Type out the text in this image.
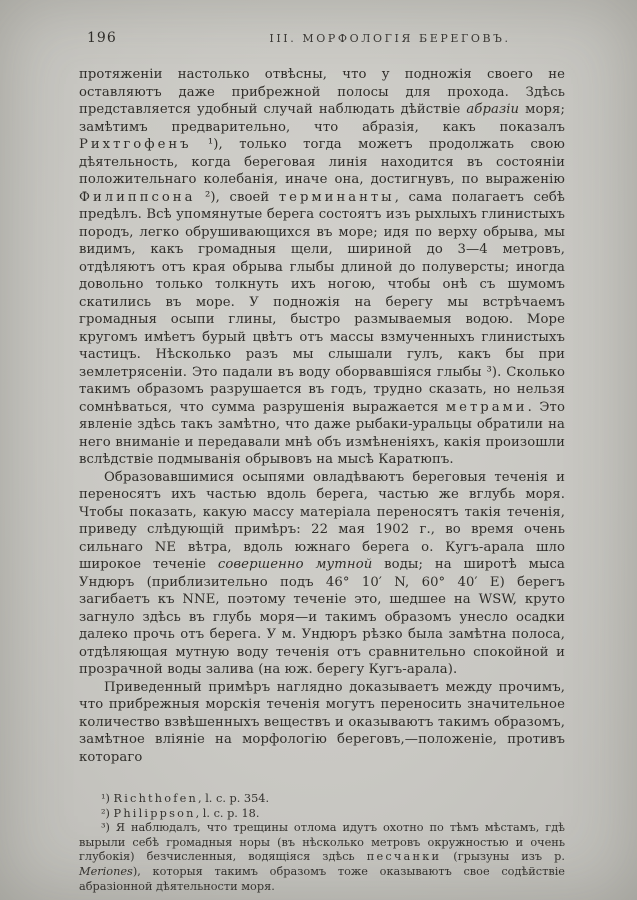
196	III. МОРФОЛОГІЯ БЕРЕГОВЪ.

протяженіи настолько отвѣсны, что у подножія своего не оставляютъ даже прибрежной полосы для прохода. Здѣсь представляется удобный случай наблюдать дѣйствіе абразіи моря; замѣтимъ предварительно, что абразія, какъ показалъ Рихтгофенъ ¹), только тогда можетъ продолжать свою дѣятельность, когда береговая линія находится въ состояніи положительнаго колебанія, иначе она, достигнувъ, по выраженію Филиппсона ²), своей терминанты, сама полагаетъ себѣ предѣлъ. Всѣ упомянутые берега состоятъ изъ рыхлыхъ глинистыхъ породъ, легко обрушивающихся въ море; идя по верху обрыва, мы видимъ, какъ громадныя щели, шириной до 3—4 метровъ, отдѣляютъ отъ края обрыва глыбы длиной до полуверсты; иногда довольно только толкнуть ихъ ногою, чтобы онѣ съ шумомъ скатились въ море. У подножія на берегу мы встрѣчаемъ громадныя осыпи глины, быстро размываемыя водою. Море кругомъ имѣетъ бурый цвѣтъ отъ массы взмученныхъ глинистыхъ частицъ. Нѣсколько разъ мы слышали гулъ, какъ бы при землетрясеніи. Это падали въ воду оборвавшіяся глыбы ³). Сколько такимъ образомъ разрушается въ годъ, трудно сказать, но нельзя сомнѣваться, что сумма разрушенія выражается метрами. Это явленіе здѣсь такъ замѣтно, что даже рыбаки-уральцы обратили на него вниманіе и передавали мнѣ объ измѣненіяхъ, какія произошли вслѣдствіе подмыванія обрывовъ на мысѣ Каратюпъ.

Образовавшимися осыпями овладѣваютъ береговыя теченія и переносятъ ихъ частью вдоль берега, частью же вглубь моря. Чтобы показать, какую массу матеріала переносятъ такія теченія, приведу слѣдующій примѣръ: 22 мая 1902 г., во время очень сильнаго NE вѣтра, вдоль южнаго берега о. Кугъ-арала шло широкое теченіе совершенно мутной воды; на широтѣ мыса Ундюръ (приблизительно подъ 46° 10′ N, 60° 40′ E) берегъ загибаетъ къ NNE, поэтому теченіе это, шедшее на WSW, круто загнуло здѣсь въ глубь моря—и такимъ образомъ унесло осадки далеко прочь отъ берега. У м. Ундюръ рѣзко была замѣтна полоса, отдѣляющая мутную воду теченія отъ сравнительно спокойной и прозрачной воды залива (на юж. берегу Кугъ-арала).

Приведенный примѣръ наглядно доказываетъ между прочимъ, что прибрежныя морскія теченія могутъ переносить значительное количество взвѣшенныхъ веществъ и оказываютъ такимъ образомъ, замѣтное вліяніе на морфологію береговъ,—положеніе, противъ котораго

¹) Richthofen, l. c. p. 354.

²) Philippson, l. c. p. 18.

³) Я наблюдалъ, что трещины отлома идутъ охотно по тѣмъ мѣстамъ, гдѣ вырыли себѣ громадныя норы (въ нѣсколько метровъ окружностью и очень глубокія) безчисленныя, водящіяся здѣсь песчанки (грызуны изъ р. Meriones), которыя такимъ образомъ тоже оказываютъ свое содѣйствіе абразіонной дѣятельности моря.
